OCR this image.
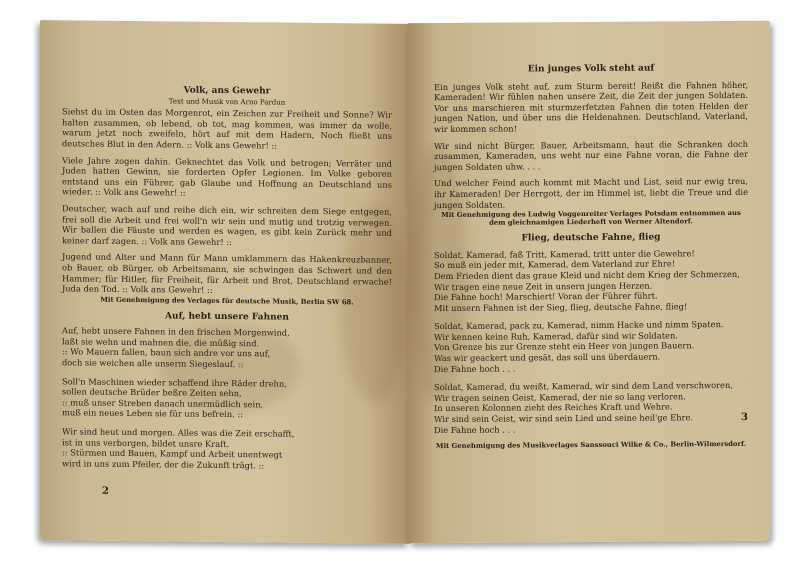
Volk, ans Gewehr

Text und Musik von Arno Pardun

Siehst du im Osten das Morgenrot, ein Zeichen zur Freiheit und Sonne? Wir halten zusammen, ob lebend, ob tot, mag kommen, was immer da wolle, warum jetzt noch zweifeln, hört auf mit dem Hadern, Noch fließt uns deutsches Blut in den Adern. :: Volk ans Gewehr! ::

Viele Jahre zogen dahin. Geknechtet das Volk und betrogen; Verräter und Juden hatten Gewinn, sie forderten Opfer Legionen. Im Volke geboren entstand uns ein Führer, gab Glaube und Hoffnung an Deutschland uns wieder. :: Volk ans Gewehr! ::

Deutscher, wach auf und reihe dich ein, wir schreiten dem Siege entgegen, frei soll die Arbeit und frei woll'n wir sein und mutig und trotzig verwegen. Wir ballen die Fäuste und werden es wagen, es gibt kein Zurück mehr und keiner darf zagen. :: Volk ans Gewehr! ::

Jugend und Alter und Mann für Mann umklammern das Hakenkreuzbanner, ob Bauer, ob Bürger, ob Arbeitsmann, sie schwingen das Schwert und den Hammer; für Hitler, für Freiheit, für Arbeit und Brot, Deutschland erwache! Juda den Tod. :: Volk ans Gewehr! ::

Mit Genehmigung des Verlages für deutsche Musik, Berlin SW 68.

Auf, hebt unsere Fahnen

Auf, hebt unsere Fahnen in den frischen Morgenwind,
laßt sie wehn und mahnen die, die müßig sind.
:: Wo Mauern fallen, baun sich andre vor uns auf,
doch sie weichen alle unserm Siegeslauf. ::
Soll'n Maschinen wieder schaffend ihre Räder drehn,
sollen deutsche Brüder beßre Zeiten sehn,
:: muß unser Streben danach unermüdlich sein,
muß ein neues Leben sie für uns befrein. ::
Wir sind heut und morgen. Alles was die Zeit erschafft,
ist in uns verborgen, bildet unsre Kraft.
:: Stürmen und Bauen, Kampf und Arbeit unentwegt
wird in uns zum Pfeiler, der die Zukunft trägt. ::
2

Ein junges Volk steht auf

Ein junges Volk steht auf, zum Sturm bereit! Reißt die Fahnen höher, Kameraden! Wir fühlen nahen unsere Zeit, die Zeit der jungen Soldaten. Vor uns marschieren mit sturmzerfetzten Fahnen die toten Helden der jungen Nation, und über uns die Heldenahnen. Deutschland, Vaterland, wir kommen schon!

Wir sind nicht Bürger, Bauer, Arbeitsmann, haut die Schranken doch zusammen, Kameraden, uns weht nur eine Fahne voran, die Fahne der jungen Soldaten uhw. . . .

Und welcher Feind auch kommt mit Macht und List, seid nur ewig treu, ihr Kameraden! Der Herrgott, der im Himmel ist, liebt die Treue und die jungen Soldaten.

Mit Genehmigung des Ludwig Voggenreiter Verlages Potsdam entnommen aus dem gleichnamigen Liederheft von Werner Altendorf.

Flieg, deutsche Fahne, flieg

Soldat, Kamerad, faß Tritt, Kamerad, tritt unter die Gewehre!
So muß ein jeder mit, Kamerad, dem Vaterland zur Ehre!
Dem Frieden dient das graue Kleid und nicht dem Krieg der Schmerzen,
Wir tragen eine neue Zeit in unsern jungen Herzen.
Die Fahne hoch! Marschiert! Voran der Führer führt.
Mit unsern Fahnen ist der Sieg, flieg, deutsche Fahne, flieg!
Soldat, Kamerad, pack zu, Kamerad, nimm Hacke und nimm Spaten.
Wir kennen keine Ruh, Kamerad, dafür sind wir Soldaten.
Von Grenze bis zur Grenze steht ein Heer von jungen Bauern.
Was wir geackert und gesät, das soll uns überdauern.
Die Fahne hoch . . .
Soldat, Kamerad, du weißt, Kamerad, wir sind dem Land verschworen,
Wir tragen seinen Geist, Kamerad, der nie so lang verloren.
In unseren Kolonnen zieht des Reiches Kraft und Wehre.
Wir sind sein Geist, wir sind sein Lied und seine heil'ge Ehre.
Die Fahne hoch . . .

Mit Genehmigung des Musikverlages Sanssouci Wilke & Co., Berlin-Wilmersdorf.

3
